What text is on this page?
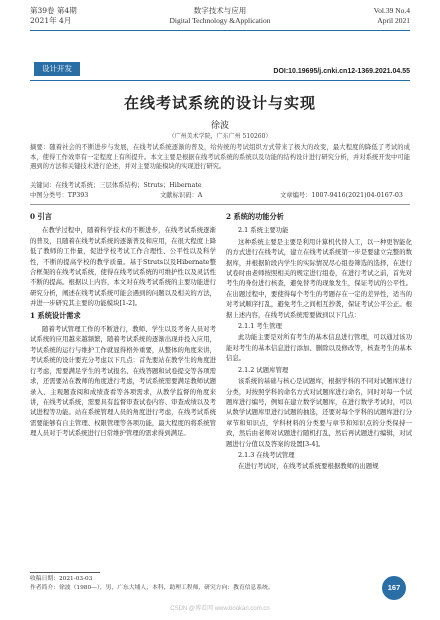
第39卷 第4期
2021年 4月
数字技术与应用
Digital Technology &Application
Vol.39 No.4
April 2021
设计开发	DOI:10.19695/j.cnki.cn12-1369.2021.04.55
在线考试系统的设计与实现
徐波
（广州美术学院，广东广州 510260）
摘要：随着社会的不断进步与发展，在线考试系统逐渐的普及，给传统的考试组织方式带来了极大的改变，最大程度的降低了考试的成本，使得工作效率有一定程度上有所提升。本文主要是根据在线考试系统的系统以及功能的结构设计进行研究分析，并对系统开发中可能遇到的方法和关键技术进行论述，并对主要功能模块的实现进行研究。
关键词：在线考试系统；三层体系结构；Struts；Hibernate
中图分类号：TP393	文献标识码：A	文章编号：1007-9416(2021)04-0167-03
0 引言

在教学过程中，随着科学技术的不断进步，在线考试系统逐渐的普及，且随着在线考试系统的逐渐普及和应用，在很大程度上降低了教师的工作量，促进学校考试工作合理性、公平性以及科学性，不断的提高学校的教学质量。基于Struts以及Hibernate整合框架的在线考试系统，使得在线考试系统的可维护性以及灵活性不断的提高。根据以上内容，本文对在线考试系统的主要功能进行研究分析，阐述在线考试系统可能会遇到的问题以及相关的方法，并进一步研究其主要的功能模块[1-2]。

1 系统设计需求

随着考试管理工作的不断进行，教师、学生以及考务人员对考试系统的应用越来越频繁，随着考试系统的逐渐出现并投入应用，考试系统的运行与维护工作就显得格外重要，从整体的角度来讲，考试系统的设计要充分考虑以下几点：首先要站在教学生的角度进行考虑，需要满足学生的考试报名、在线答题和试卷提交等各项需求，还需要站在教师的角度进行考虑，考试系统需要满足教师试题录入、主观题查阅和成绩查看等各项需求，从教学监督的角度来讲，在线考试系统，需要具有监督审查试卷内容、审查成绩以及考试进程等功能。站在系统管理人员的角度进行考虑，在线考试系统需要能够有自主管理、权限管理等各项功能，最大程度的将系统管理人员对于考试系统进行日常维护管理的需求得到满足。

2 系统的功能分析
2.1 系统主要功能

这种系统主要是主要是利用计算机代替人工，以一种更智能化的方式进行在线考试，建立在线考试系统第一步是要建立完整的数据库，并根据阶段内学生的实际情况尽心组卷筛选的选择，在进行试卷时由老师按照相关的规定进行组卷，在进行考试之前，首先对考生的身份进行核查，避免替考的现象发生，保证考试的公平性。在出题过程中，要使得每个考生的考题存在一定的差异性，适当的对考试顺序打乱，避免考生之间相互抄袭，保证考试公平公正。根据上述内容，在线考试系统需要做到以下几点：

2.1.1 考生管理

此功能主要是对所有考生的基本信息进行管理，可以通过该功能对考生的基本信息进行添加、删除以及修改等，核查考生的基本信息。

2.1.2 试题库管理

该系统的基础与核心是试题库，根据学科的不同对试题库进行分类，对按照学科的命名方式对试题库进行命名，同时对每一个试题库进行编号，例如在建立数学试题库，在进行数学考试时，可以从数学试题库里进行试题的抽选，还要对每个学科的试题库进行分章节和知识点，学科材料的分类要与章节和知识点的分类保持一致，然后由老师对试题进行随机打乱，然后再试题进行编辑，对试题进行分值以及答案的设置[3-4]。

2.1.3 在线考试管理

在进行考试时，在线考试系统要根据教师的出题规

收稿日期：2021-03-03
作者简介：徐波（1980—），男，广东大埔人，本科，助理工程师，研究方向：教育信息系统。	167
CSDN @博看网 www.bookan.com.cn
